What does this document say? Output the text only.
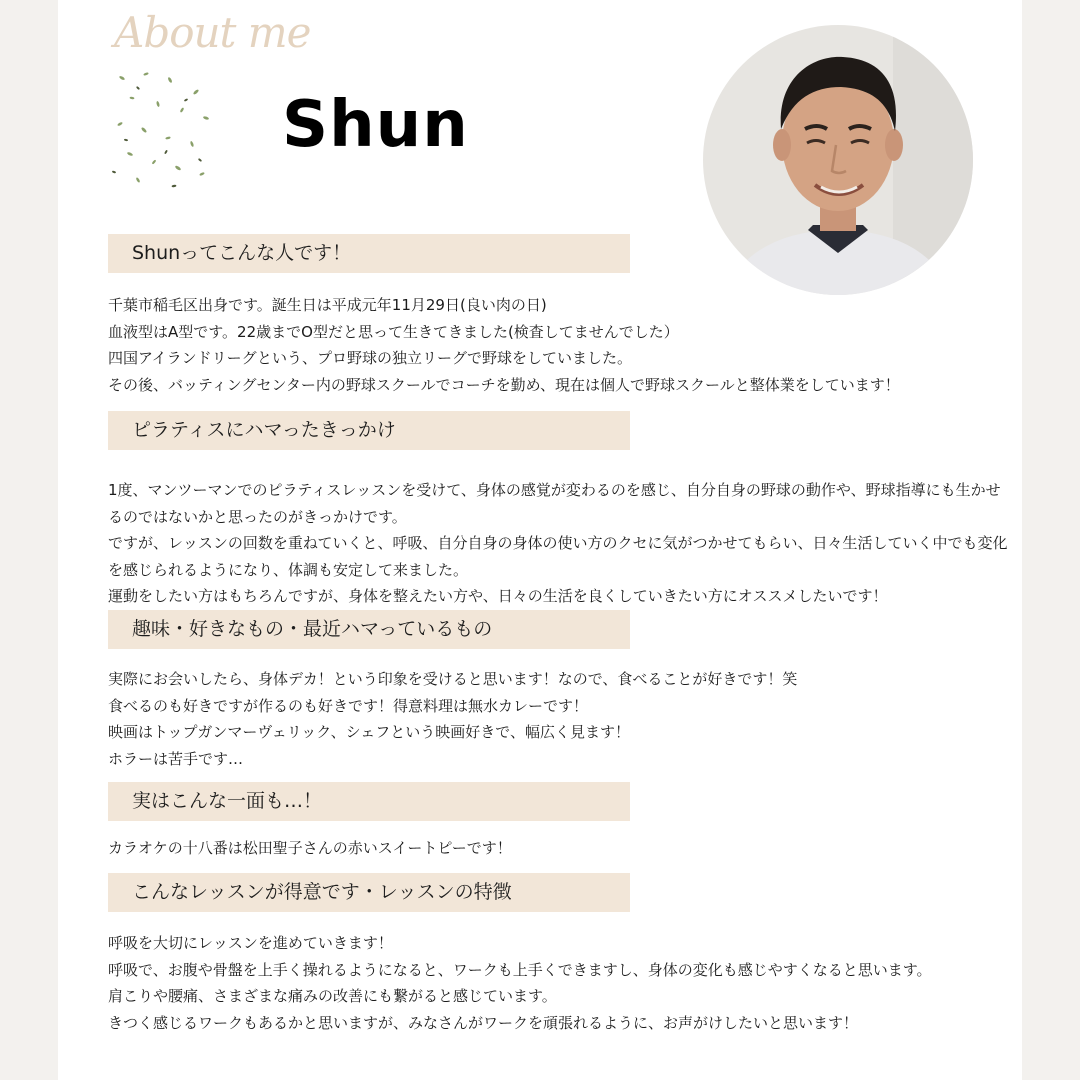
About me
Shun
Shunってこんな人です！

千葉市稲毛区出身です。誕生日は平成元年11月29日(良い肉の日)

血液型はA型です。22歳までO型だと思って生きてきました(検査してませんでした）

四国アイランドリーグという、プロ野球の独立リーグで野球をしていました。

その後、バッティングセンター内の野球スクールでコーチを勤め、現在は個人で野球スクールと整体業をしています！

ピラティスにハマったきっかけ

1度、マンツーマンでのピラティスレッスンを受けて、身体の感覚が変わるのを感じ、自分自身の野球の動作や、野球指導にも生かせるのではないかと思ったのがきっかけです。

ですが、レッスンの回数を重ねていくと、呼吸、自分自身の身体の使い方のクセに気がつかせてもらい、日々生活していく中でも変化を感じられるようになり、体調も安定して来ました。

運動をしたい方はもちろんですが、身体を整えたい方や、日々の生活を良くしていきたい方にオススメしたいです！

趣味・好きなもの・最近ハマっているもの

実際にお会いしたら、身体デカ！という印象を受けると思います！なので、食べることが好きです！笑

食べるのも好きですが作るのも好きです！得意料理は無水カレーです！

映画はトップガンマーヴェリック、シェフという映画好きで、幅広く見ます！

ホラーは苦手です…

実はこんな一面も…！

カラオケの十八番は松田聖子さんの赤いスイートピーです！

こんなレッスンが得意です・レッスンの特徴

呼吸を大切にレッスンを進めていきます！

呼吸で、お腹や骨盤を上手く操れるようになると、ワークも上手くできますし、身体の変化も感じやすくなると思います。

肩こりや腰痛、さまざまな痛みの改善にも繋がると感じています。

きつく感じるワークもあるかと思いますが、みなさんがワークを頑張れるように、お声がけしたいと思います！
